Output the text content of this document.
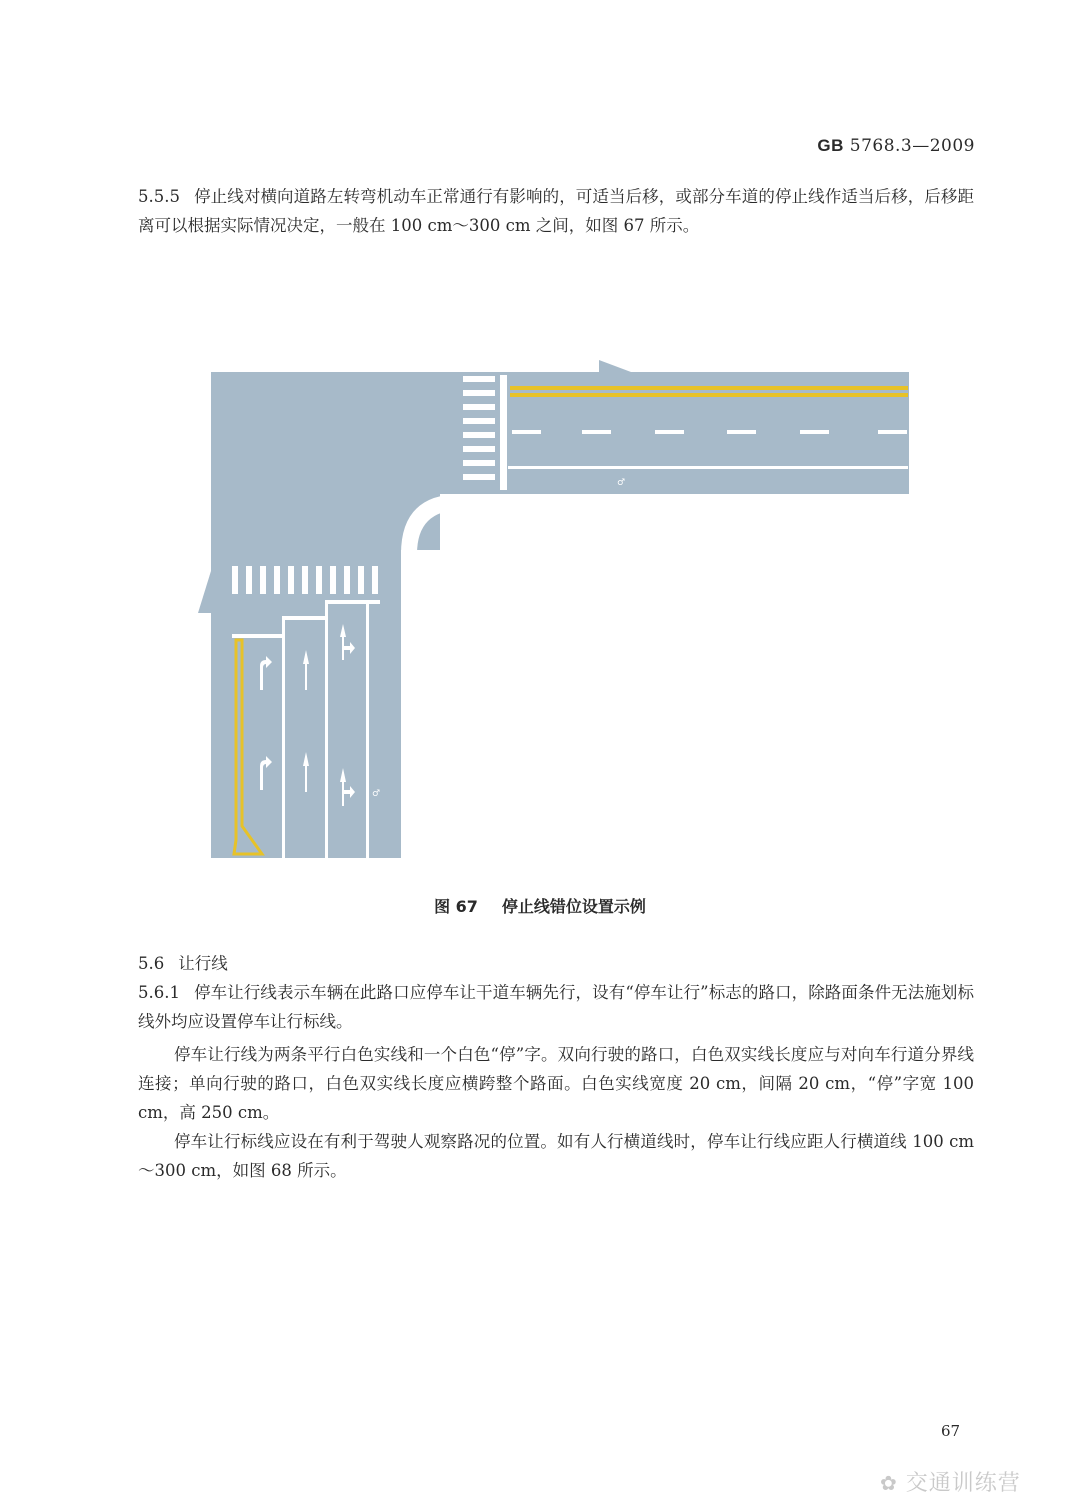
GB 5768.3—2009
5.5.5 停止线对横向道路左转弯机动车正常通行有影响的，可适当后移，或部分车道的停止线作适当后移，后移距离可以根据实际情况决定，一般在 100 cm～300 cm 之间，如图 67 所示。
♂
♂
图 67 停止线错位设置示例
5.6 让行线
5.6.1 停车让行线表示车辆在此路口应停车让干道车辆先行，设有“停车让行”标志的路口，除路面条件无法施划标线外均应设置停车让行标线。
停车让行线为两条平行白色实线和一个白色“停”字。双向行驶的路口，白色双实线长度应与对向车行道分界线连接；单向行驶的路口，白色双实线长度应横跨整个路面。白色实线宽度 20 cm，间隔 20 cm，“停”字宽 100 cm，高 250 cm。
停车让行标线应设在有利于驾驶人观察路况的位置。如有人行横道线时，停车让行线应距人行横道线 100 cm～300 cm，如图 68 所示。
67
✿ 交通训练营
